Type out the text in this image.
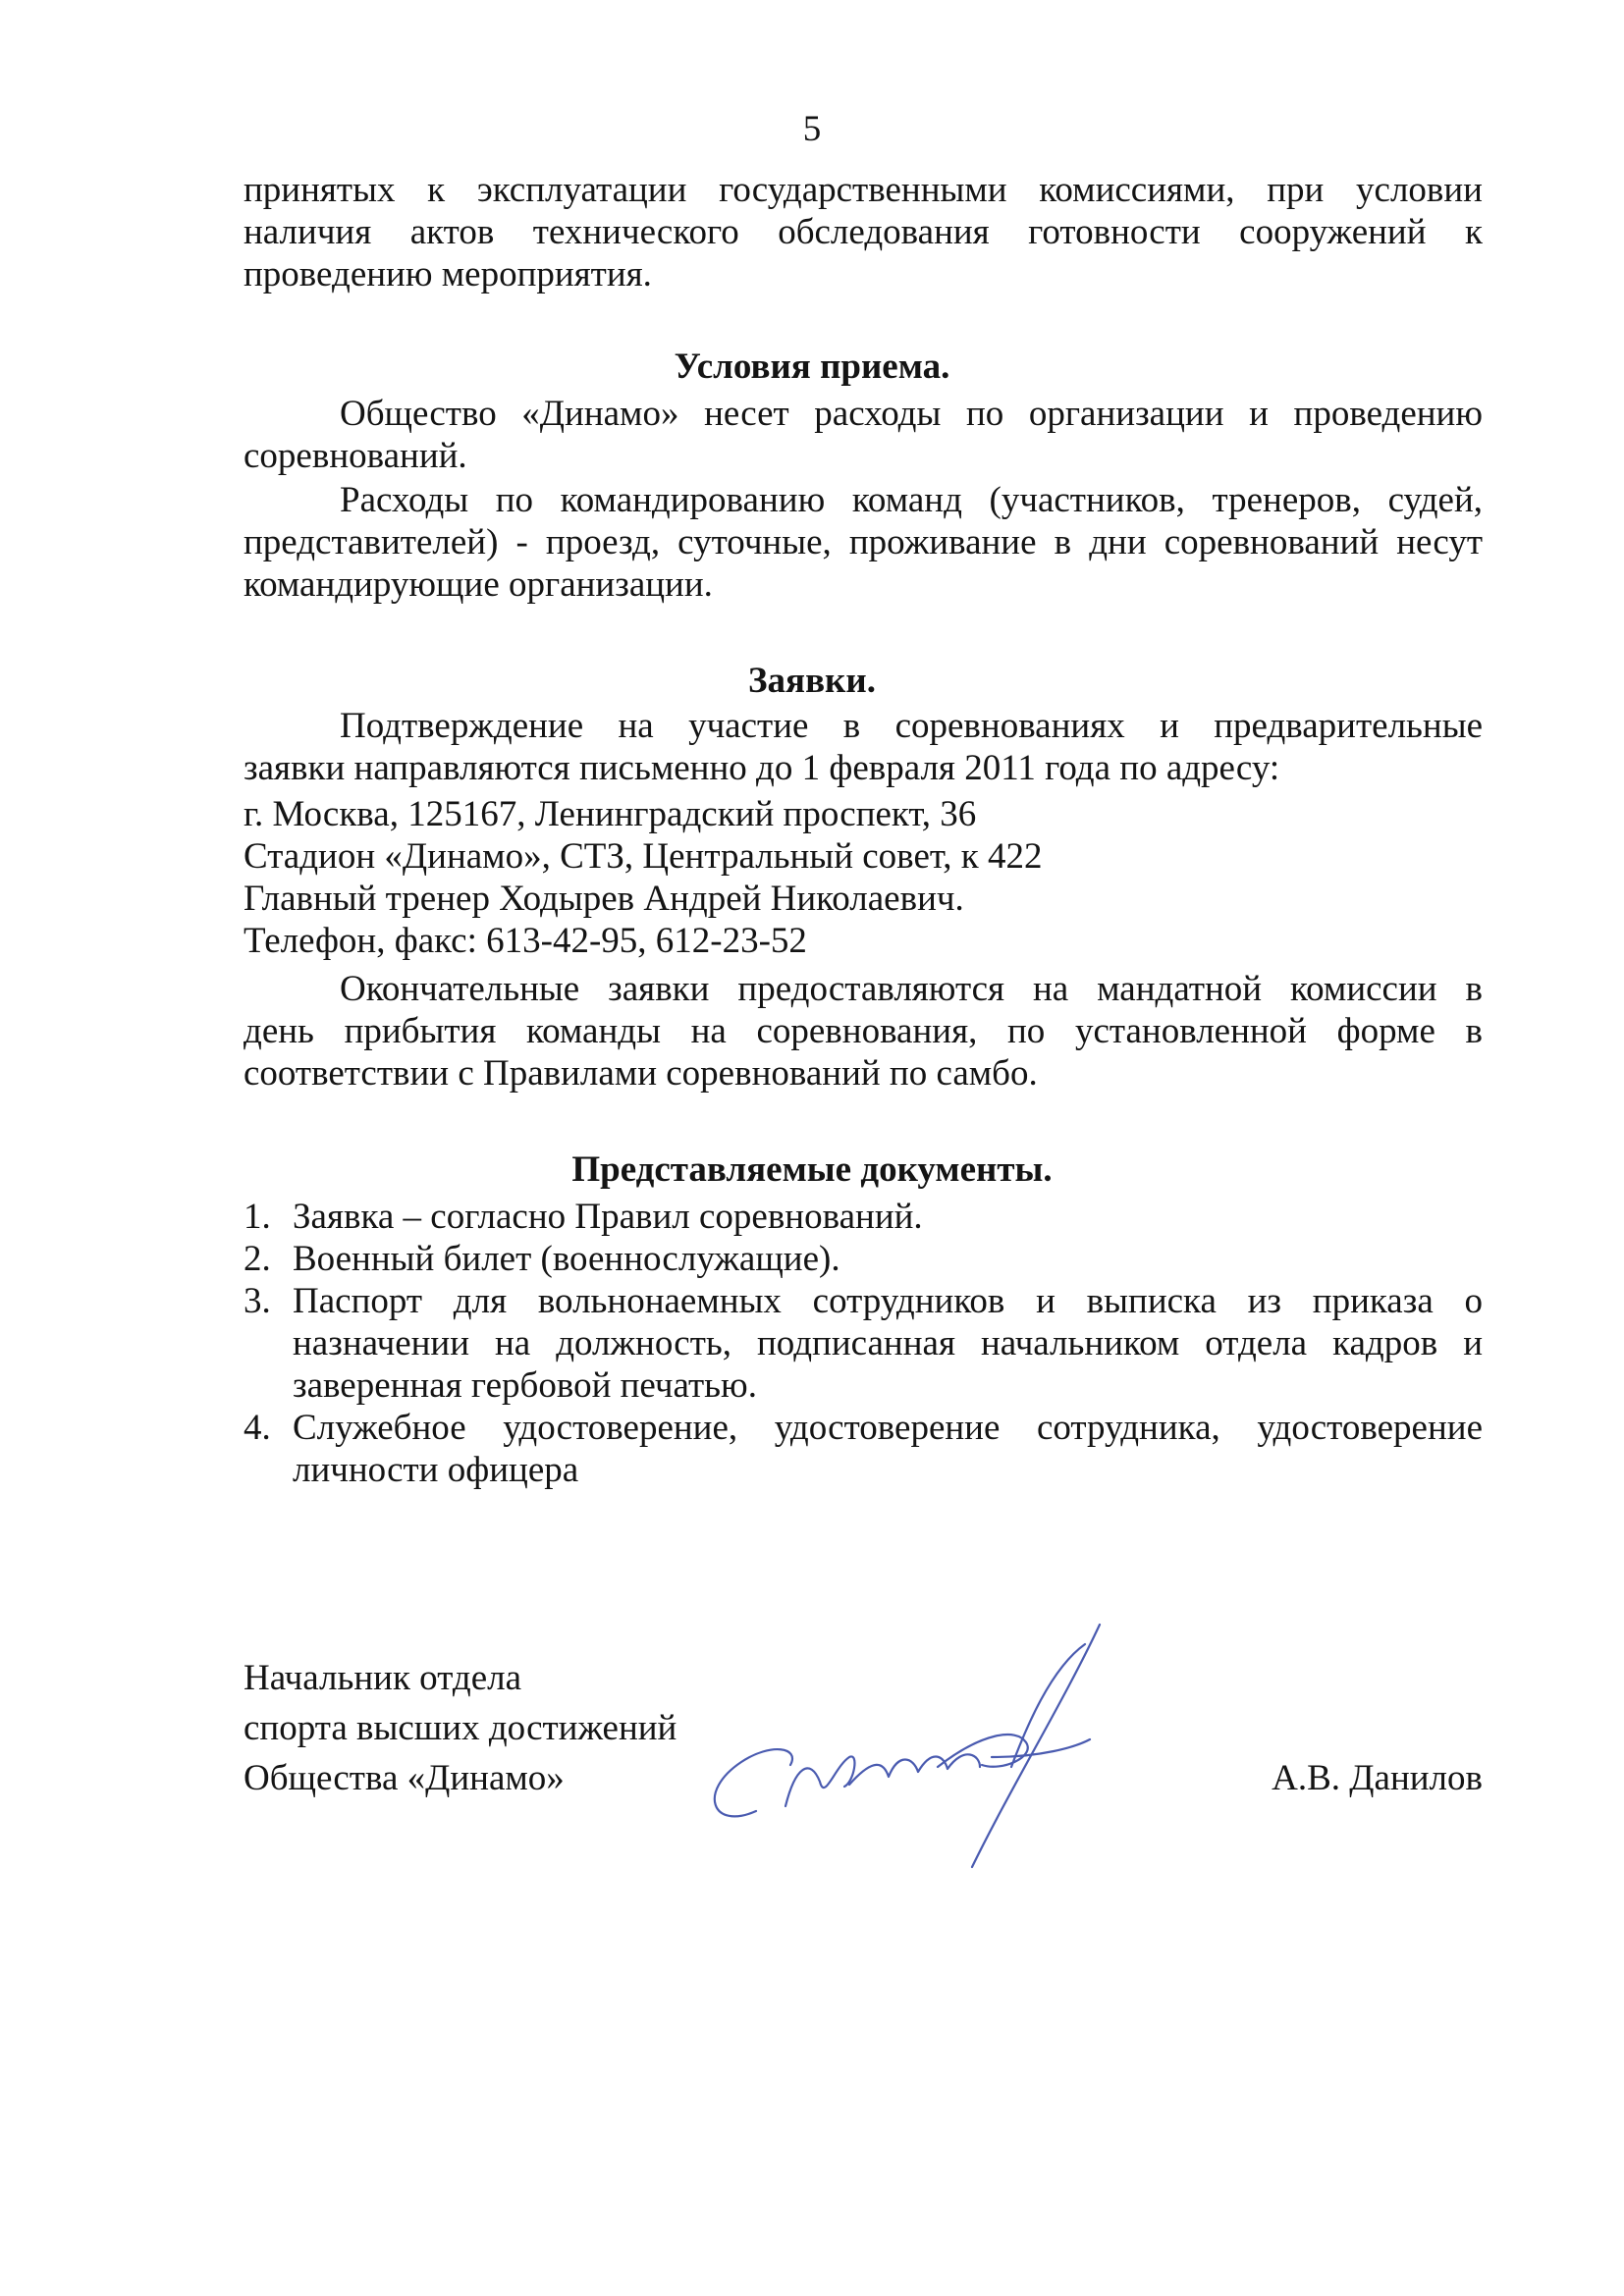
5

принятых к эксплуатации государственными комиссиями, при условии

наличия актов технического обследования готовности сооружений к

проведению мероприятия.

Условия приема.

Общество «Динамо» несет расходы по организации и проведению

соревнований.

Расходы по командированию команд (участников, тренеров, судей,

представителей) - проезд, суточные, проживание в дни соревнований несут

командирующие организации.

Заявки.

Подтверждение на участие в соревнованиях и предварительные

заявки направляются письменно до 1 февраля 2011 года по адресу:

г. Москва, 125167, Ленинградский проспект, 36

Стадион «Динамо», СТЗ, Центральный совет, к 422

Главный тренер Ходырев Андрей Николаевич.

Телефон, факс: 613-42-95, 612-23-52

Окончательные заявки предоставляются на мандатной комиссии в

день прибытия команды на соревнования, по установленной форме в

соответствии с Правилами соревнований по самбо.

Представляемые документы.

1. Заявка – согласно Правил соревнований.

2. Военный билет (военнослужащие).

3. Паспорт для вольнонаемных сотрудников и выписка из приказа о

назначении на должность, подписанная начальником отдела кадров и

заверенная гербовой печатью.

4. Служебное удостоверение, удостоверение сотрудника, удостоверение

личности офицера

Начальник отдела
спорта высших достижений
Общества «Динамо»	А.В. Данилов
